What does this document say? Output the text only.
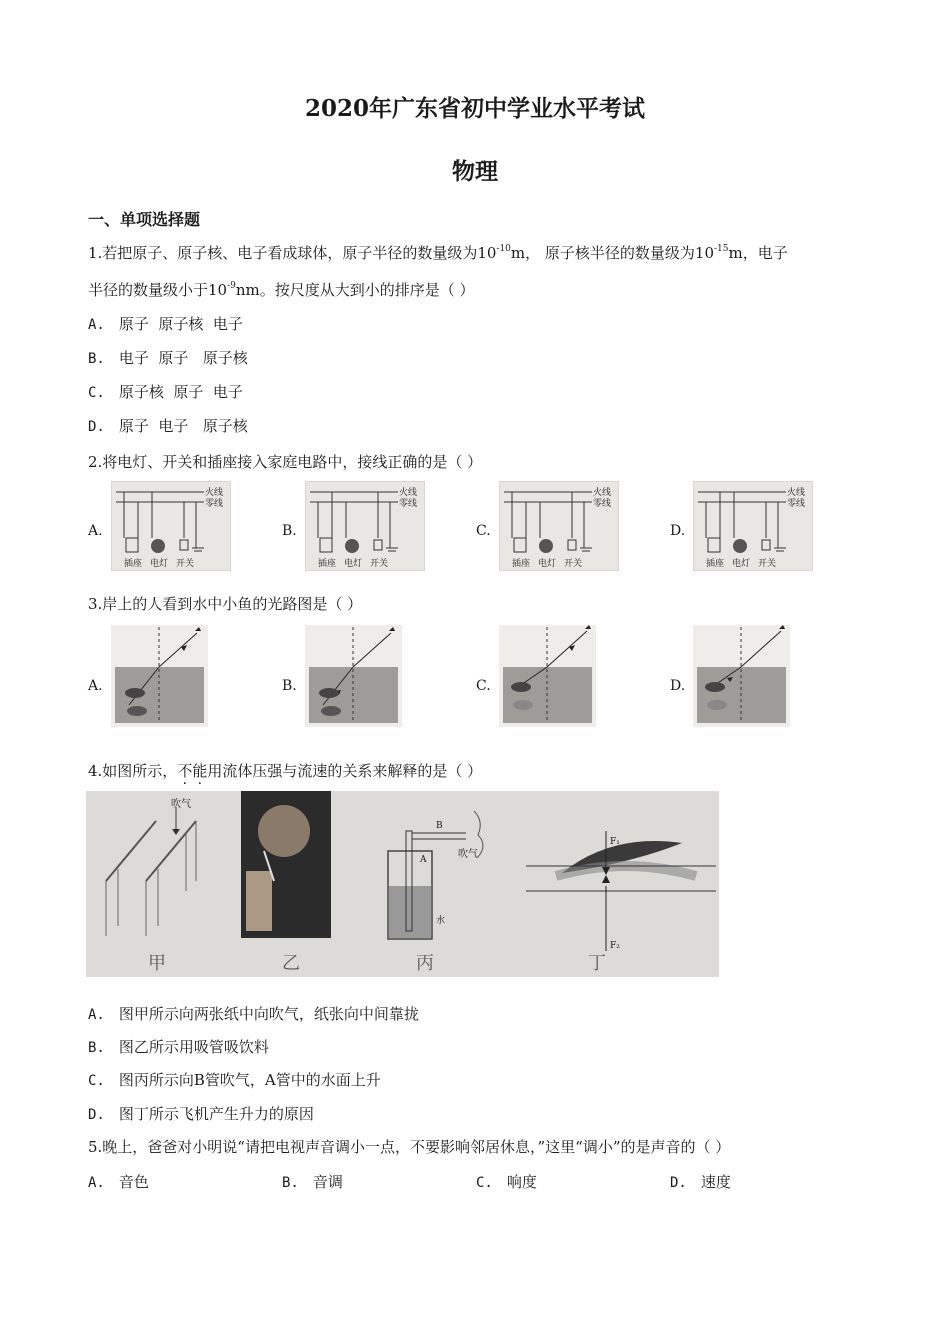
2020年广东省初中学业水平考试
物理
一、单项选择题
1.若把原子、原子核、电子看成球体，原子半径的数量级为$10^{-10}m$， 原子核半径的数量级为$10^{-15}m$，电子
半径的数量级小于$10^{-9}nm$。按尺度从大到小的排序是（ ）
A. 原子  原子核  电子
B. 电子  原子   原子核
C. 原子核  原子  电子
D. 原子  电子   原子核
2.将电灯、开关和插座接入家庭电路中，接线正确的是（ ）
A.	B.	C.	D.
火线
零线
插座 电灯 开关
火线
零线
插座 电灯 开关
火线
零线
插座 电灯 开关
火线
零线
插座 电灯 开关
3.岸上的人看到水中小鱼的光路图是（ ）
A.	B.	C.	D.
4.如图所示，不能用流体压强与流速的关系来解释的是（ ）
吹气
吹气
A
B
水
F₁
F₂
甲	乙	丙	丁
A. 图甲所示向两张纸中向吹气，纸张向中间靠拢
B. 图乙所示用吸管吸饮料
C. 图丙所示向B管吹气，A管中的水面上升
D. 图丁所示飞机产生升力的原因
5.晚上，爸爸对小明说“请把电视声音调小一点，不要影响邻居休息，”这里“调小”的是声音的（ ）
A. 音色	B. 音调	C. 响度	D. 速度
